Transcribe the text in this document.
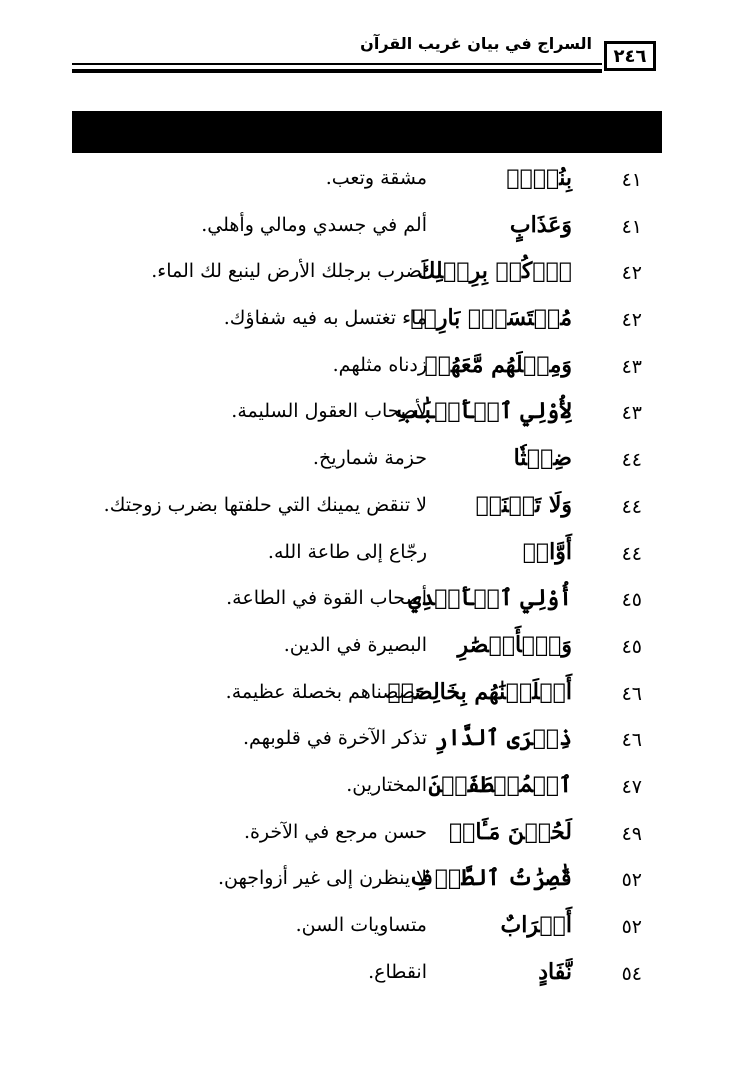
السراج في بيان غريب القرآن
٢٤٦
٤١
بِنُصۡبٖ
مشقة وتعب.
٤١
وَعَذَابٍ
ألم في جسدي ومالي وأهلي.
٤٢
ٱرۡكُضۡ بِرِجۡلِكَ
اضرب برجلك الأرض لينبع لك الماء.
٤٢
مُغۡتَسَلُۢ بَارِدٞ
ماء تغتسل به فيه شفاؤك.
٤٣
وَمِثۡلَهُم مَّعَهُمۡ
زدناه مثلهم.
٤٣
لِأُوْلِي ٱلۡأَلۡبَٰبِ
لأصحاب العقول السليمة.
٤٤
ضِغۡثٗا
حزمة شماريخ.
٤٤
وَلَا تَحۡنَثۡ
لا تنقض يمينك التي حلفتها بضرب زوجتك.
٤٤
أَوَّابٞ
رجّاع إلى طاعة الله.
٤٥
أُوْلِي ٱلۡأَيۡدِي
أصحاب القوة في الطاعة.
٤٥
وَٱلۡأَبۡصَٰرِ
البصيرة في الدين.
٤٦
أَخۡلَصۡنَٰهُم بِخَالِصَةٖ
خصصناهم بخصلة عظيمة.
٤٦
ذِكۡرَى ٱلدَّارِ
تذكر الآخرة في قلوبهم.
٤٧
ٱلۡمُصۡطَفَيۡنَ
المختارين.
٤٩
لَحُسۡنَ مَـَٔابٖ
حسن مرجع في الآخرة.
٥٢
قَٰصِرَٰتُ ٱلطَّرۡفِ
لا ينظرن إلى غير أزواجهن.
٥٢
أَتۡرَابٌ
متساويات السن.
٥٤
نَّفَادٍ
انقطاع.
